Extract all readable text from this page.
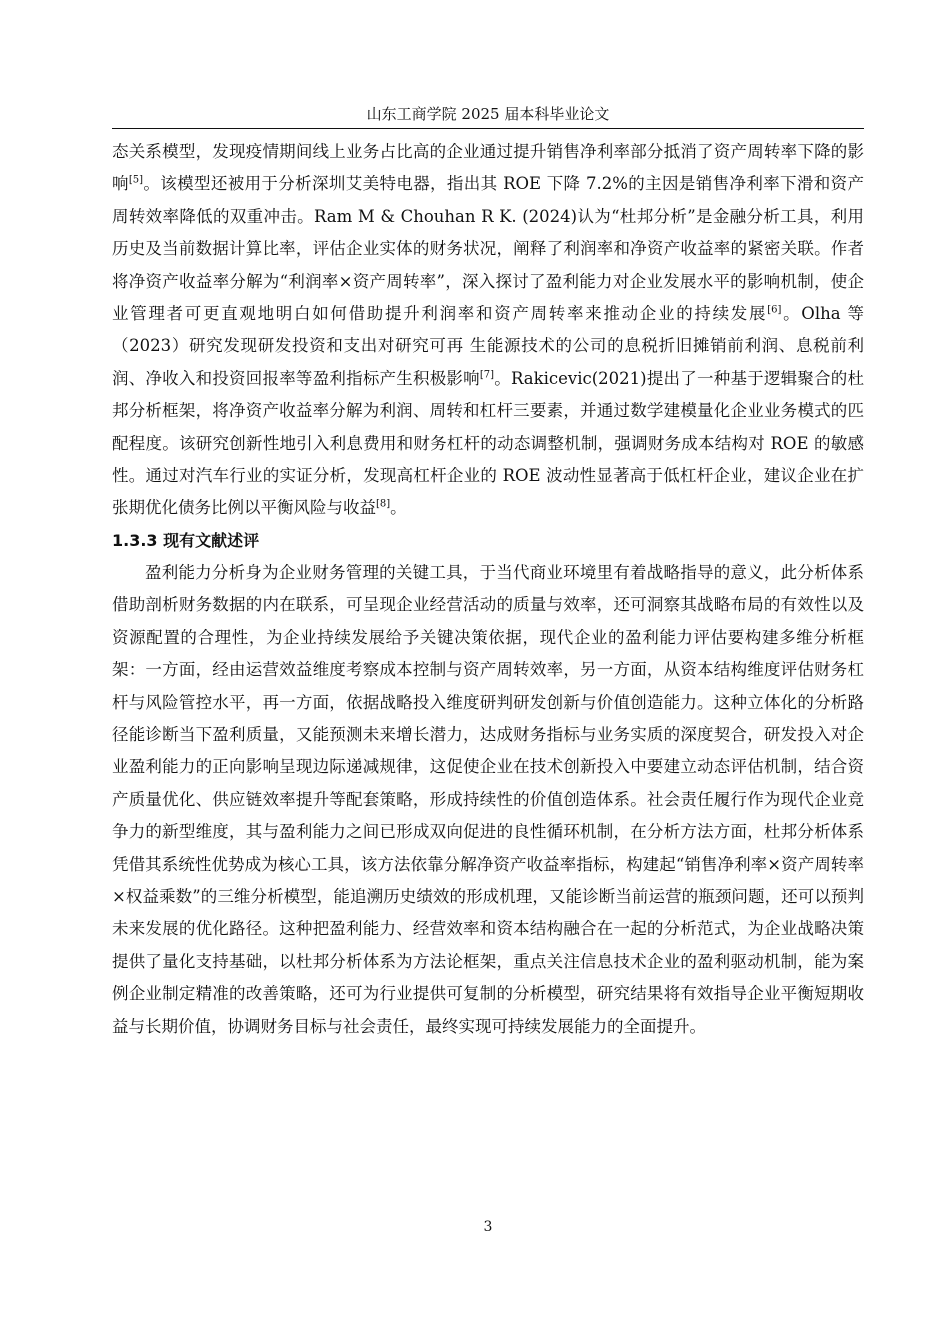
山东工商学院 2025 届本科毕业论文

态关系模型，发现疫情期间线上业务占比高的企业通过提升销售净利率部分抵消了资产周转率下降的影响[5]。该模型还被用于分析深圳艾美特电器，指出其 ROE 下降 7.2%的主因是销售净利率下滑和资产周转效率降低的双重冲击。Ram M & Chouhan R K. (2024)认为“杜邦分析”是金融分析工具，利用历史及当前数据计算比率，评估企业实体的财务状况，阐释了利润率和净资产收益率的紧密关联。作者将净资产收益率分解为“利润率×资产周转率”，深入探讨了盈利能力对企业发展水平的影响机制，使企业管理者可更直观地明白如何借助提升利润率和资产周转率来推动企业的持续发展[6]。Olha 等（2023）研究发现研发投资和支出对研究可再 生能源技术的公司的息税折旧摊销前利润、息税前利润、净收入和投资回报率等盈利指标产生积极影响[7]。Rakicevic(2021)提出了一种基于逻辑聚合的杜邦分析框架，将净资产收益率分解为利润、周转和杠杆三要素，并通过数学建模量化企业业务模式的匹配程度。该研究创新性地引入利息费用和财务杠杆的动态调整机制，强调财务成本结构对 ROE 的敏感性。通过对汽车行业的实证分析，发现高杠杆企业的 ROE 波动性显著高于低杠杆企业，建议企业在扩张期优化债务比例以平衡风险与收益[8]。

1.3.3 现有文献述评

盈利能力分析身为企业财务管理的关键工具，于当代商业环境里有着战略指导的意义，此分析体系借助剖析财务数据的内在联系，可呈现企业经营活动的质量与效率，还可洞察其战略布局的有效性以及资源配置的合理性，为企业持续发展给予关键决策依据，现代企业的盈利能力评估要构建多维分析框架：一方面，经由运营效益维度考察成本控制与资产周转效率，另一方面，从资本结构维度评估财务杠杆与风险管控水平，再一方面，依据战略投入维度研判研发创新与价值创造能力。这种立体化的分析路径能诊断当下盈利质量，又能预测未来增长潜力，达成财务指标与业务实质的深度契合，研发投入对企业盈利能力的正向影响呈现边际递减规律，这促使企业在技术创新投入中要建立动态评估机制，结合资产质量优化、供应链效率提升等配套策略，形成持续性的价值创造体系。社会责任履行作为现代企业竞争力的新型维度，其与盈利能力之间已形成双向促进的良性循环机制，在分析方法方面，杜邦分析体系凭借其系统性优势成为核心工具，该方法依靠分解净资产收益率指标，构建起“销售净利率×资产周转率×权益乘数”的三维分析模型，能追溯历史绩效的形成机理，又能诊断当前运营的瓶颈问题，还可以预判未来发展的优化路径。这种把盈利能力、经营效率和资本结构融合在一起的分析范式，为企业战略决策提供了量化支持基础，以杜邦分析体系为方法论框架，重点关注信息技术企业的盈利驱动机制，能为案例企业制定精准的改善策略，还可为行业提供可复制的分析模型，研究结果将有效指导企业平衡短期收益与长期价值，协调财务目标与社会责任，最终实现可持续发展能力的全面提升。

3
